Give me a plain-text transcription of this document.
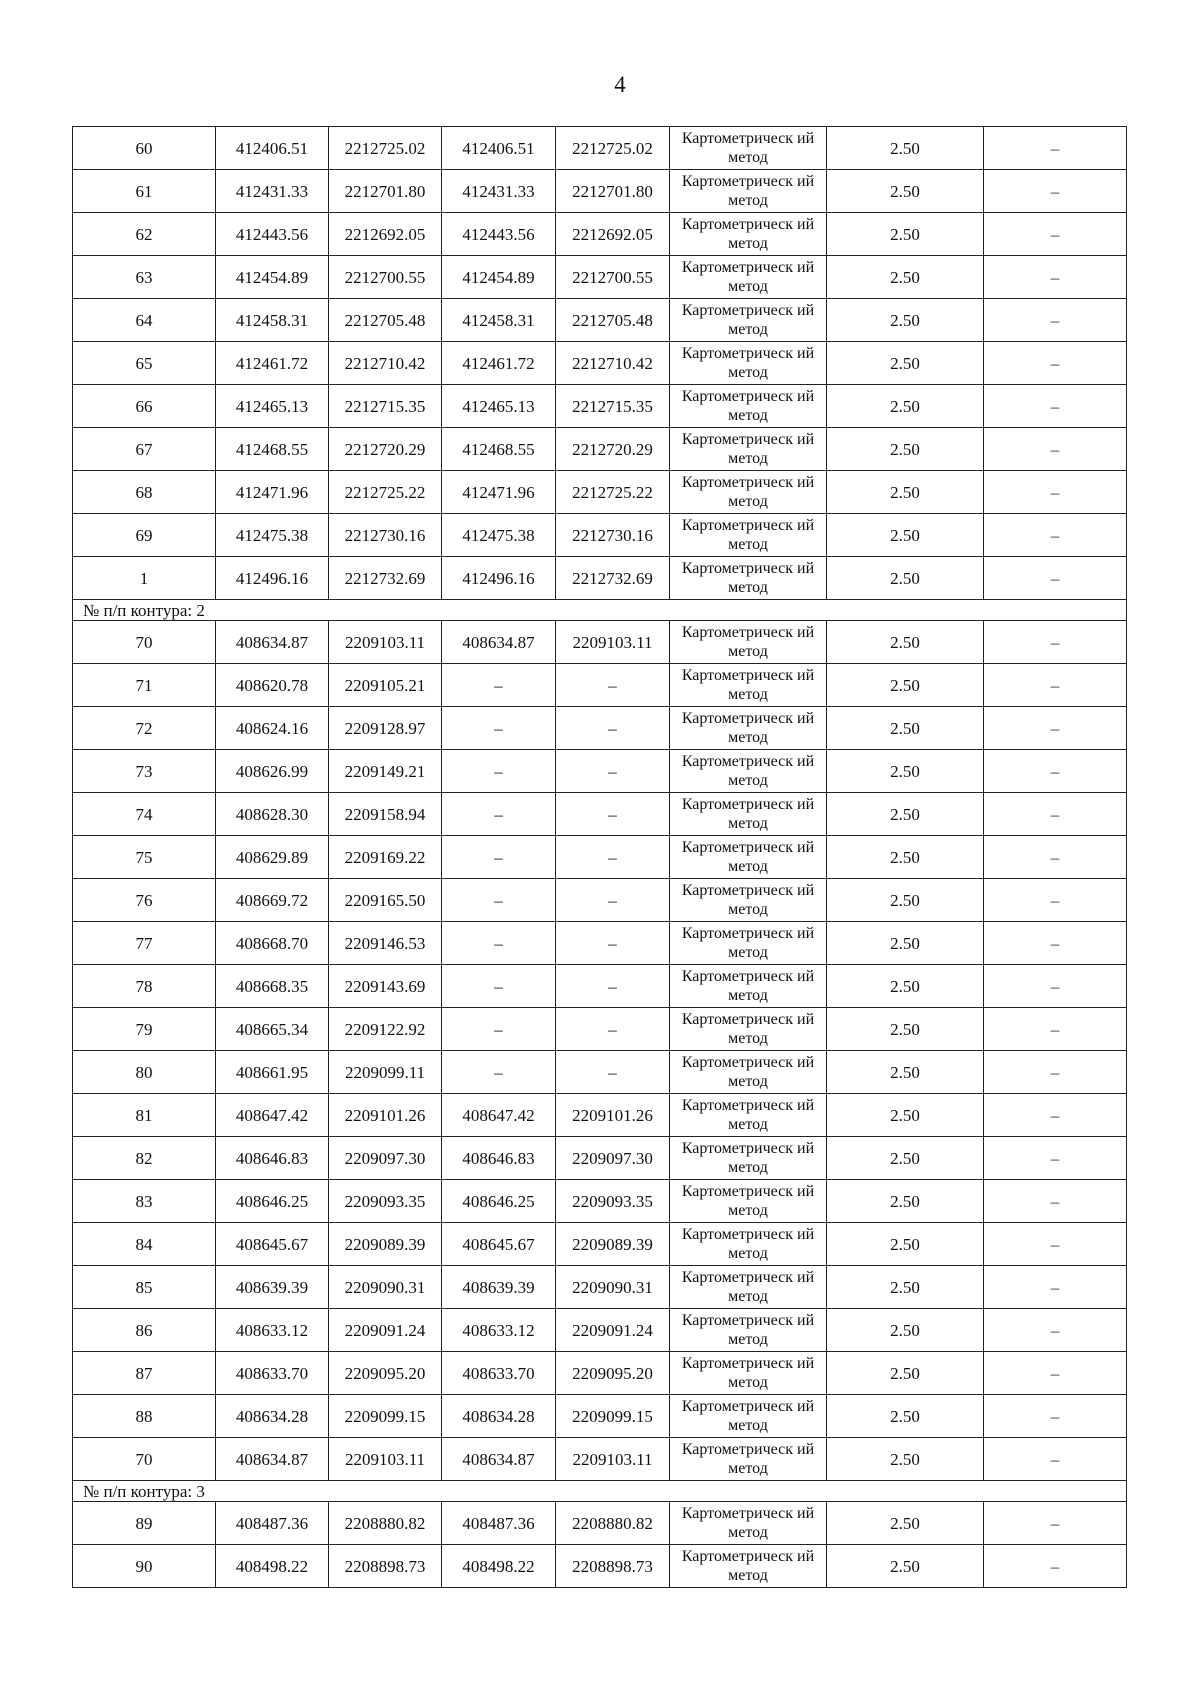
4
60	412406.51	2212725.02	412406.51	2212725.02	Картометрическ ий метод	2.50	–
61	412431.33	2212701.80	412431.33	2212701.80	Картометрическ ий метод	2.50	–
62	412443.56	2212692.05	412443.56	2212692.05	Картометрическ ий метод	2.50	–
63	412454.89	2212700.55	412454.89	2212700.55	Картометрическ ий метод	2.50	–
64	412458.31	2212705.48	412458.31	2212705.48	Картометрическ ий метод	2.50	–
65	412461.72	2212710.42	412461.72	2212710.42	Картометрическ ий метод	2.50	–
66	412465.13	2212715.35	412465.13	2212715.35	Картометрическ ий метод	2.50	–
67	412468.55	2212720.29	412468.55	2212720.29	Картометрическ ий метод	2.50	–
68	412471.96	2212725.22	412471.96	2212725.22	Картометрическ ий метод	2.50	–
69	412475.38	2212730.16	412475.38	2212730.16	Картометрическ ий метод	2.50	–
1	412496.16	2212732.69	412496.16	2212732.69	Картометрическ ий метод	2.50	–
№ п/п контура: 2							
70	408634.87	2209103.11	408634.87	2209103.11	Картометрическ ий метод	2.50	–
71	408620.78	2209105.21	–	–	Картометрическ ий метод	2.50	–
72	408624.16	2209128.97	–	–	Картометрическ ий метод	2.50	–
73	408626.99	2209149.21	–	–	Картометрическ ий метод	2.50	–
74	408628.30	2209158.94	–	–	Картометрическ ий метод	2.50	–
75	408629.89	2209169.22	–	–	Картометрическ ий метод	2.50	–
76	408669.72	2209165.50	–	–	Картометрическ ий метод	2.50	–
77	408668.70	2209146.53	–	–	Картометрическ ий метод	2.50	–
78	408668.35	2209143.69	–	–	Картометрическ ий метод	2.50	–
79	408665.34	2209122.92	–	–	Картометрическ ий метод	2.50	–
80	408661.95	2209099.11	–	–	Картометрическ ий метод	2.50	–
81	408647.42	2209101.26	408647.42	2209101.26	Картометрическ ий метод	2.50	–
82	408646.83	2209097.30	408646.83	2209097.30	Картометрическ ий метод	2.50	–
83	408646.25	2209093.35	408646.25	2209093.35	Картометрическ ий метод	2.50	–
84	408645.67	2209089.39	408645.67	2209089.39	Картометрическ ий метод	2.50	–
85	408639.39	2209090.31	408639.39	2209090.31	Картометрическ ий метод	2.50	–
86	408633.12	2209091.24	408633.12	2209091.24	Картометрическ ий метод	2.50	–
87	408633.70	2209095.20	408633.70	2209095.20	Картометрическ ий метод	2.50	–
88	408634.28	2209099.15	408634.28	2209099.15	Картометрическ ий метод	2.50	–
70	408634.87	2209103.11	408634.87	2209103.11	Картометрическ ий метод	2.50	–
№ п/п контура: 3							
89	408487.36	2208880.82	408487.36	2208880.82	Картометрическ ий метод	2.50	–
90	408498.22	2208898.73	408498.22	2208898.73	Картометрическ ий метод	2.50	–
